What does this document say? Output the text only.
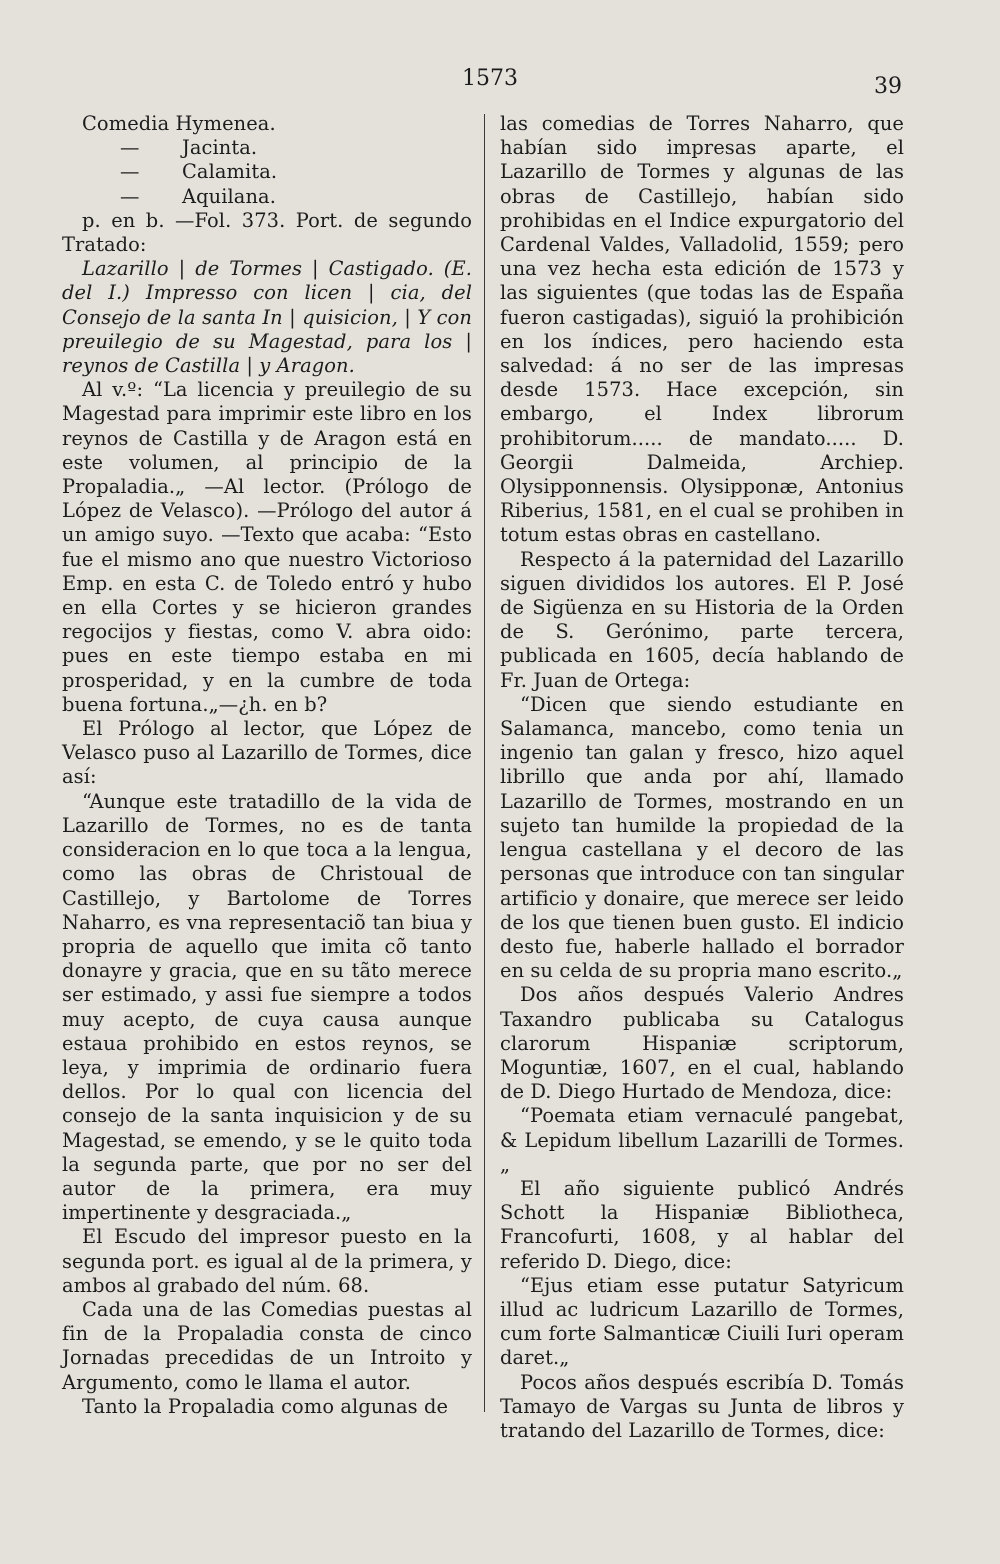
1573	39

Comedia Hymenea.

— Jacinta.

— Calamita.

— Aquilana.

p. en b. —Fol. 373. Port. de segundo Tratado:

Lazarillo | de Tormes | Castigado. (E. del I.) Impresso con licen | cia, del Consejo de la santa In | quisicion, | Y con preuilegio de su Magestad, para los | reynos de Castilla | y Aragon.

Al v.º: “La licencia y preuilegio de su Magestad para imprimir este libro en los reynos de Castilla y de Aragon está en este volumen, al principio de la Propaladia.„ —Al lector. (Prólogo de López de Velasco). —Prólogo del autor á un amigo suyo. —Texto que acaba: “Esto fue el mismo ano que nuestro Victorioso Emp. en esta C. de Toledo entró y hubo en ella Cortes y se hicieron grandes regocijos y fiestas, como V. abra oido: pues en este tiempo estaba en mi prosperidad, y en la cumbre de toda buena fortuna.„—¿h. en b?

El Prólogo al lector, que López de Velasco puso al Lazarillo de Tormes, dice así:

“Aunque este tratadillo de la vida de Lazarillo de Tormes, no es de tanta consideracion en lo que toca a la lengua, como las obras de Christoual de Castillejo, y Bartolome de Torres Naharro, es vna representaciõ tan biua y propria de aquello que imita cõ tanto donayre y gracia, que en su tãto merece ser estimado, y assi fue siempre a todos muy acepto, de cuya causa aunque estaua prohibido en estos reynos, se leya, y imprimia de ordinario fuera dellos. Por lo qual con licencia del consejo de la santa inquisicion y de su Magestad, se emendo, y se le quito toda la segunda parte, que por no ser del autor de la primera, era muy impertinente y desgraciada.„

El Escudo del impresor puesto en la segunda port. es igual al de la primera, y ambos al grabado del núm. 68.

Cada una de las Comedias puestas al fin de la Propaladia consta de cinco Jornadas precedidas de un Introito y Argumento, como le llama el autor.

Tanto la Propaladia como algunas de

las comedias de Torres Naharro, que habían sido impresas aparte, el Lazarillo de Tormes y algunas de las obras de Castillejo, habían sido prohibidas en el Indice expurgatorio del Cardenal Valdes, Valladolid, 1559; pero una vez hecha esta edición de 1573 y las siguientes (que todas las de España fueron castigadas), siguió la prohibición en los índices, pero haciendo esta salvedad: á no ser de las impresas desde 1573. Hace excepción, sin embargo, el Index librorum prohibitorum..... de mandato..... D. Georgii Dalmeida, Archiep. Olysipponnensis. Olysipponæ, Antonius Riberius, 1581, en el cual se prohiben in totum estas obras en castellano.

Respecto á la paternidad del Lazarillo siguen divididos los autores. El P. José de Sigüenza en su Historia de la Orden de S. Gerónimo, parte tercera, publicada en 1605, decía hablando de Fr. Juan de Ortega:

“Dicen que siendo estudiante en Salamanca, mancebo, como tenia un ingenio tan galan y fresco, hizo aquel librillo que anda por ahí, llamado Lazarillo de Tormes, mostrando en un sujeto tan humilde la propiedad de la lengua castellana y el decoro de las personas que introduce con tan singular artificio y donaire, que merece ser leido de los que tienen buen gusto. El indicio desto fue, haberle hallado el borrador en su celda de su propria mano escrito.„

Dos años después Valerio Andres Taxandro publicaba su Catalogus clarorum Hispaniæ scriptorum, Moguntiæ, 1607, en el cual, hablando de D. Diego Hurtado de Mendoza, dice:

“Poemata etiam vernaculé pangebat, & Lepidum libellum Lazarilli de Tormes.„

El año siguiente publicó Andrés Schott la Hispaniæ Bibliotheca, Francofurti, 1608, y al hablar del referido D. Diego, dice:

“Ejus etiam esse putatur Satyricum illud ac ludricum Lazarillo de Tormes, cum forte Salmanticæ Ciuili Iuri operam daret.„

Pocos años después escribía D. Tomás Tamayo de Vargas su Junta de libros y tratando del Lazarillo de Tormes, dice:
